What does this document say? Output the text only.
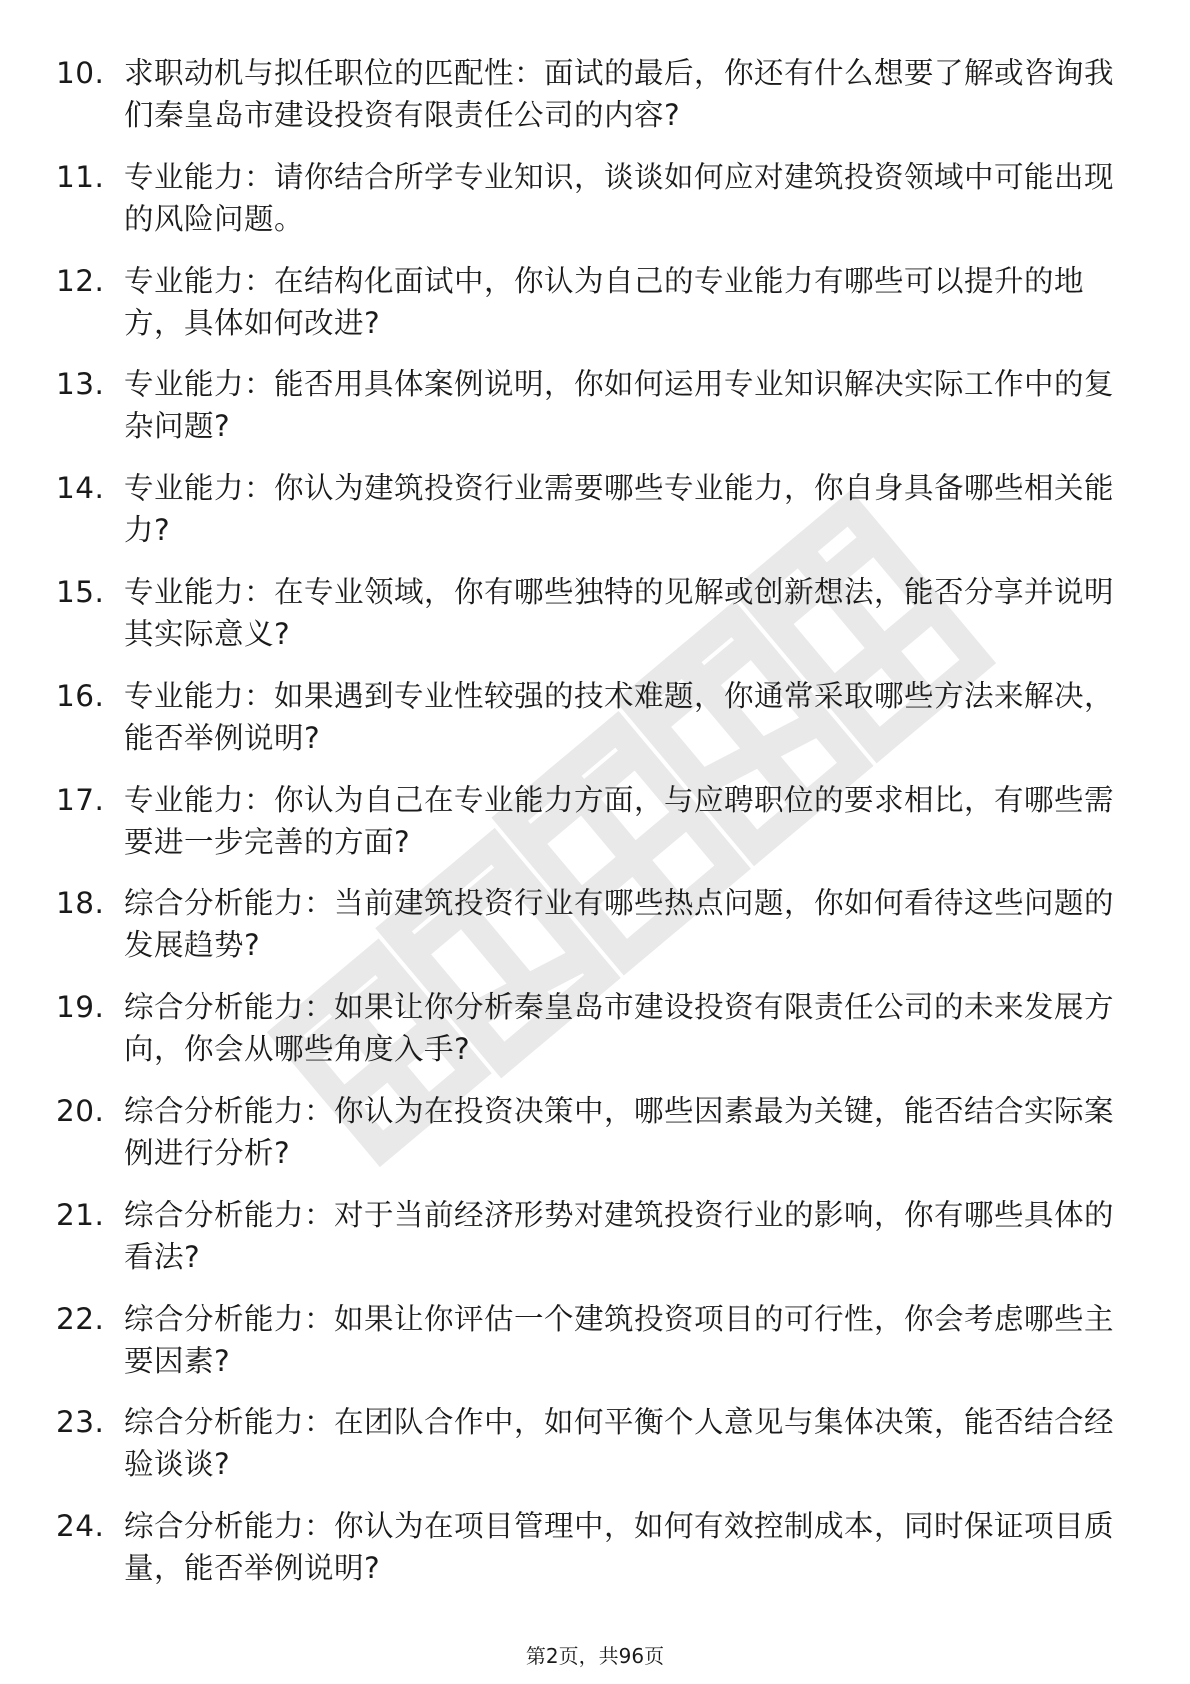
10. 求职动机与拟任职位的匹配性：面试的最后，你还有什么想要了解或咨询我们秦皇岛市建设投资有限责任公司的内容?
11. 专业能力：请你结合所学专业知识，谈谈如何应对建筑投资领域中可能出现的风险问题。
12. 专业能力：在结构化面试中，你认为自己的专业能力有哪些可以提升的地方，具体如何改进?
13. 专业能力：能否用具体案例说明，你如何运用专业知识解决实际工作中的复杂问题?
14. 专业能力：你认为建筑投资行业需要哪些专业能力，你自身具备哪些相关能力?
15. 专业能力：在专业领域，你有哪些独特的见解或创新想法，能否分享并说明其实际意义?
16. 专业能力：如果遇到专业性较强的技术难题，你通常采取哪些方法来解决，能否举例说明?
17. 专业能力：你认为自己在专业能力方面，与应聘职位的要求相比，有哪些需要进一步完善的方面?
18. 综合分析能力：当前建筑投资行业有哪些热点问题，你如何看待这些问题的发展趋势?
19. 综合分析能力：如果让你分析秦皇岛市建设投资有限责任公司的未来发展方向，你会从哪些角度入手?
20. 综合分析能力：你认为在投资决策中，哪些因素最为关键，能否结合实际案例进行分析?
21. 综合分析能力：对于当前经济形势对建筑投资行业的影响，你有哪些具体的看法?
22. 综合分析能力：如果让你评估一个建筑投资项目的可行性，你会考虑哪些主要因素?
23. 综合分析能力：在团队合作中，如何平衡个人意见与集体决策，能否结合经验谈谈?
24. 综合分析能力：你认为在项目管理中，如何有效控制成本，同时保证项目质量，能否举例说明?
第2页，共96页
